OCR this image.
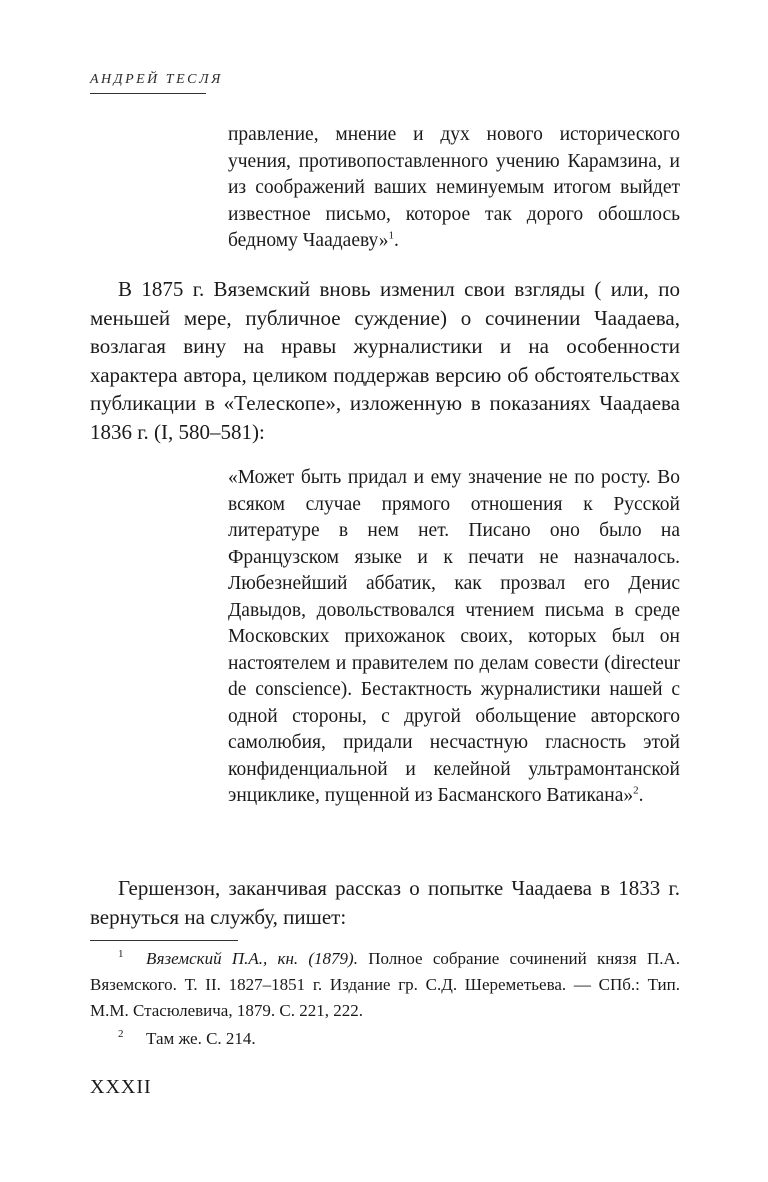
АНДРЕЙ ТЕСЛЯ
правление, мнение и дух нового исторического учения, противопоставленного учению Карамзина, и из соображений ваших неминуемым итогом выйдет известное письмо, которое так дорого обошлось бедному Чаадаеву»$^1$.
В 1875 г. Вяземский вновь изменил свои взгляды ( или, по меньшей мере, публичное суждение) о сочинении Чаадаева, возлагая вину на нравы журналистики и на особенности характера автора, целиком поддержав версию об обстоятельствах публикации в «Телескопе», изложенную в показаниях Чаадаева 1836 г. (I, 580–581):
«Может быть придал и ему значение не по росту. Во всяком случае прямого отношения к Русской литературе в нем нет. Писано оно было на Французском языке и к печати не назначалось. Любезнейший аббатик, как прозвал его Денис Давыдов, довольствовался чтением письма в среде Московских прихожанок своих, которых был он настоятелем и правителем по делам совести (directeur de conscience). Бестактность журналистики нашей с одной стороны, с другой обольщение авторского самолюбия, придали несчастную гласность этой конфиденциальной и келейной ультрамонтанской энциклике, пущенной из Басманского Ватикана»$^2$.
Гершензон, заканчивая рассказ о попытке Чаадаева в 1833 г. вернуться на службу, пишет:
1 Вяземский П.А., кн. (1879). Полное собрание сочинений князя П.А. Вяземского. Т. II. 1827–1851 г. Издание гр. С.Д. Шереметьева. — СПб.: Тип. М.М. Стасюлевича, 1879. С. 221, 222.
2 Там же. С. 214.
XXXII
